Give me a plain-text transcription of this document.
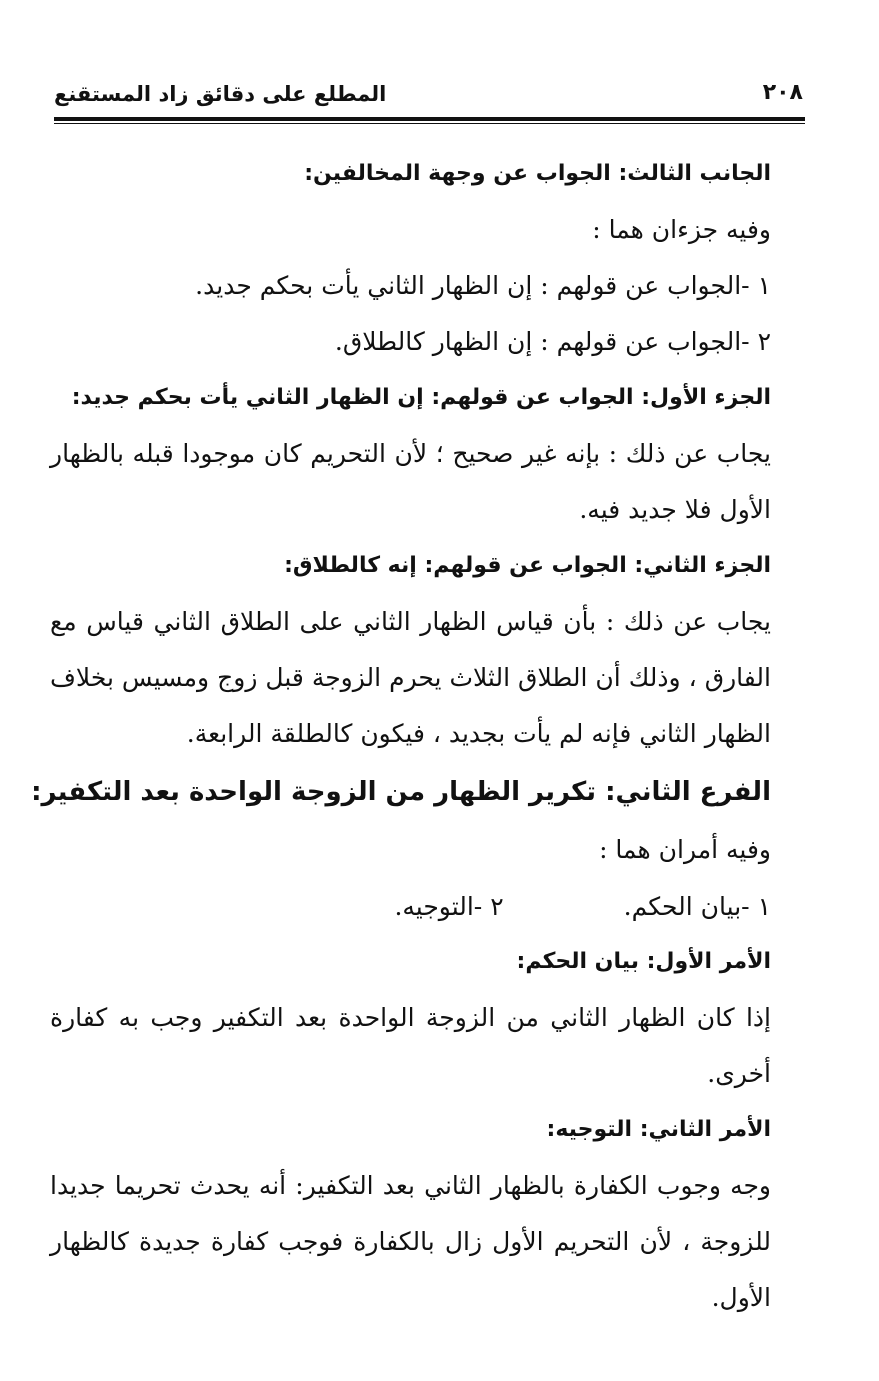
٢٠٨
المطلع على دقائق زاد المستقنع
الجانب الثالث: الجواب عن وجهة المخالفين:
وفيه جزءان هما :
١ -الجواب عن قولهم : إن الظهار الثاني يأت بحكم جديد.
٢ -الجواب عن قولهم : إن الظهار كالطلاق.
الجزء الأول: الجواب عن قولهم: إن الظهار الثاني يأت بحكم جديد:
يجاب عن ذلك : بإنه غير صحيح ؛ لأن التحريم كان موجودا قبله بالظهار الأول فلا جديد فيه.
الجزء الثاني: الجواب عن قولهم: إنه كالطلاق:
يجاب عن ذلك : بأن قياس الظهار الثاني على الطلاق الثاني قياس مع الفارق ، وذلك أن الطلاق الثلاث يحرم الزوجة قبل زوج ومسيس بخلاف الظهار الثاني فإنه لم يأت بجديد ، فيكون كالطلقة الرابعة.
الفرع الثاني: تكرير الظهار من الزوجة الواحدة بعد التكفير:
وفيه أمران هما :
١ -بيان الحكم.
٢ -التوجيه.
الأمر الأول: بيان الحكم:
إذا كان الظهار الثاني من الزوجة الواحدة بعد التكفير وجب به كفارة أخرى.
الأمر الثاني: التوجيه:
وجه وجوب الكفارة بالظهار الثاني بعد التكفير: أنه يحدث تحريما جديدا للزوجة ، لأن التحريم الأول زال بالكفارة فوجب كفارة جديدة كالظهار الأول.
